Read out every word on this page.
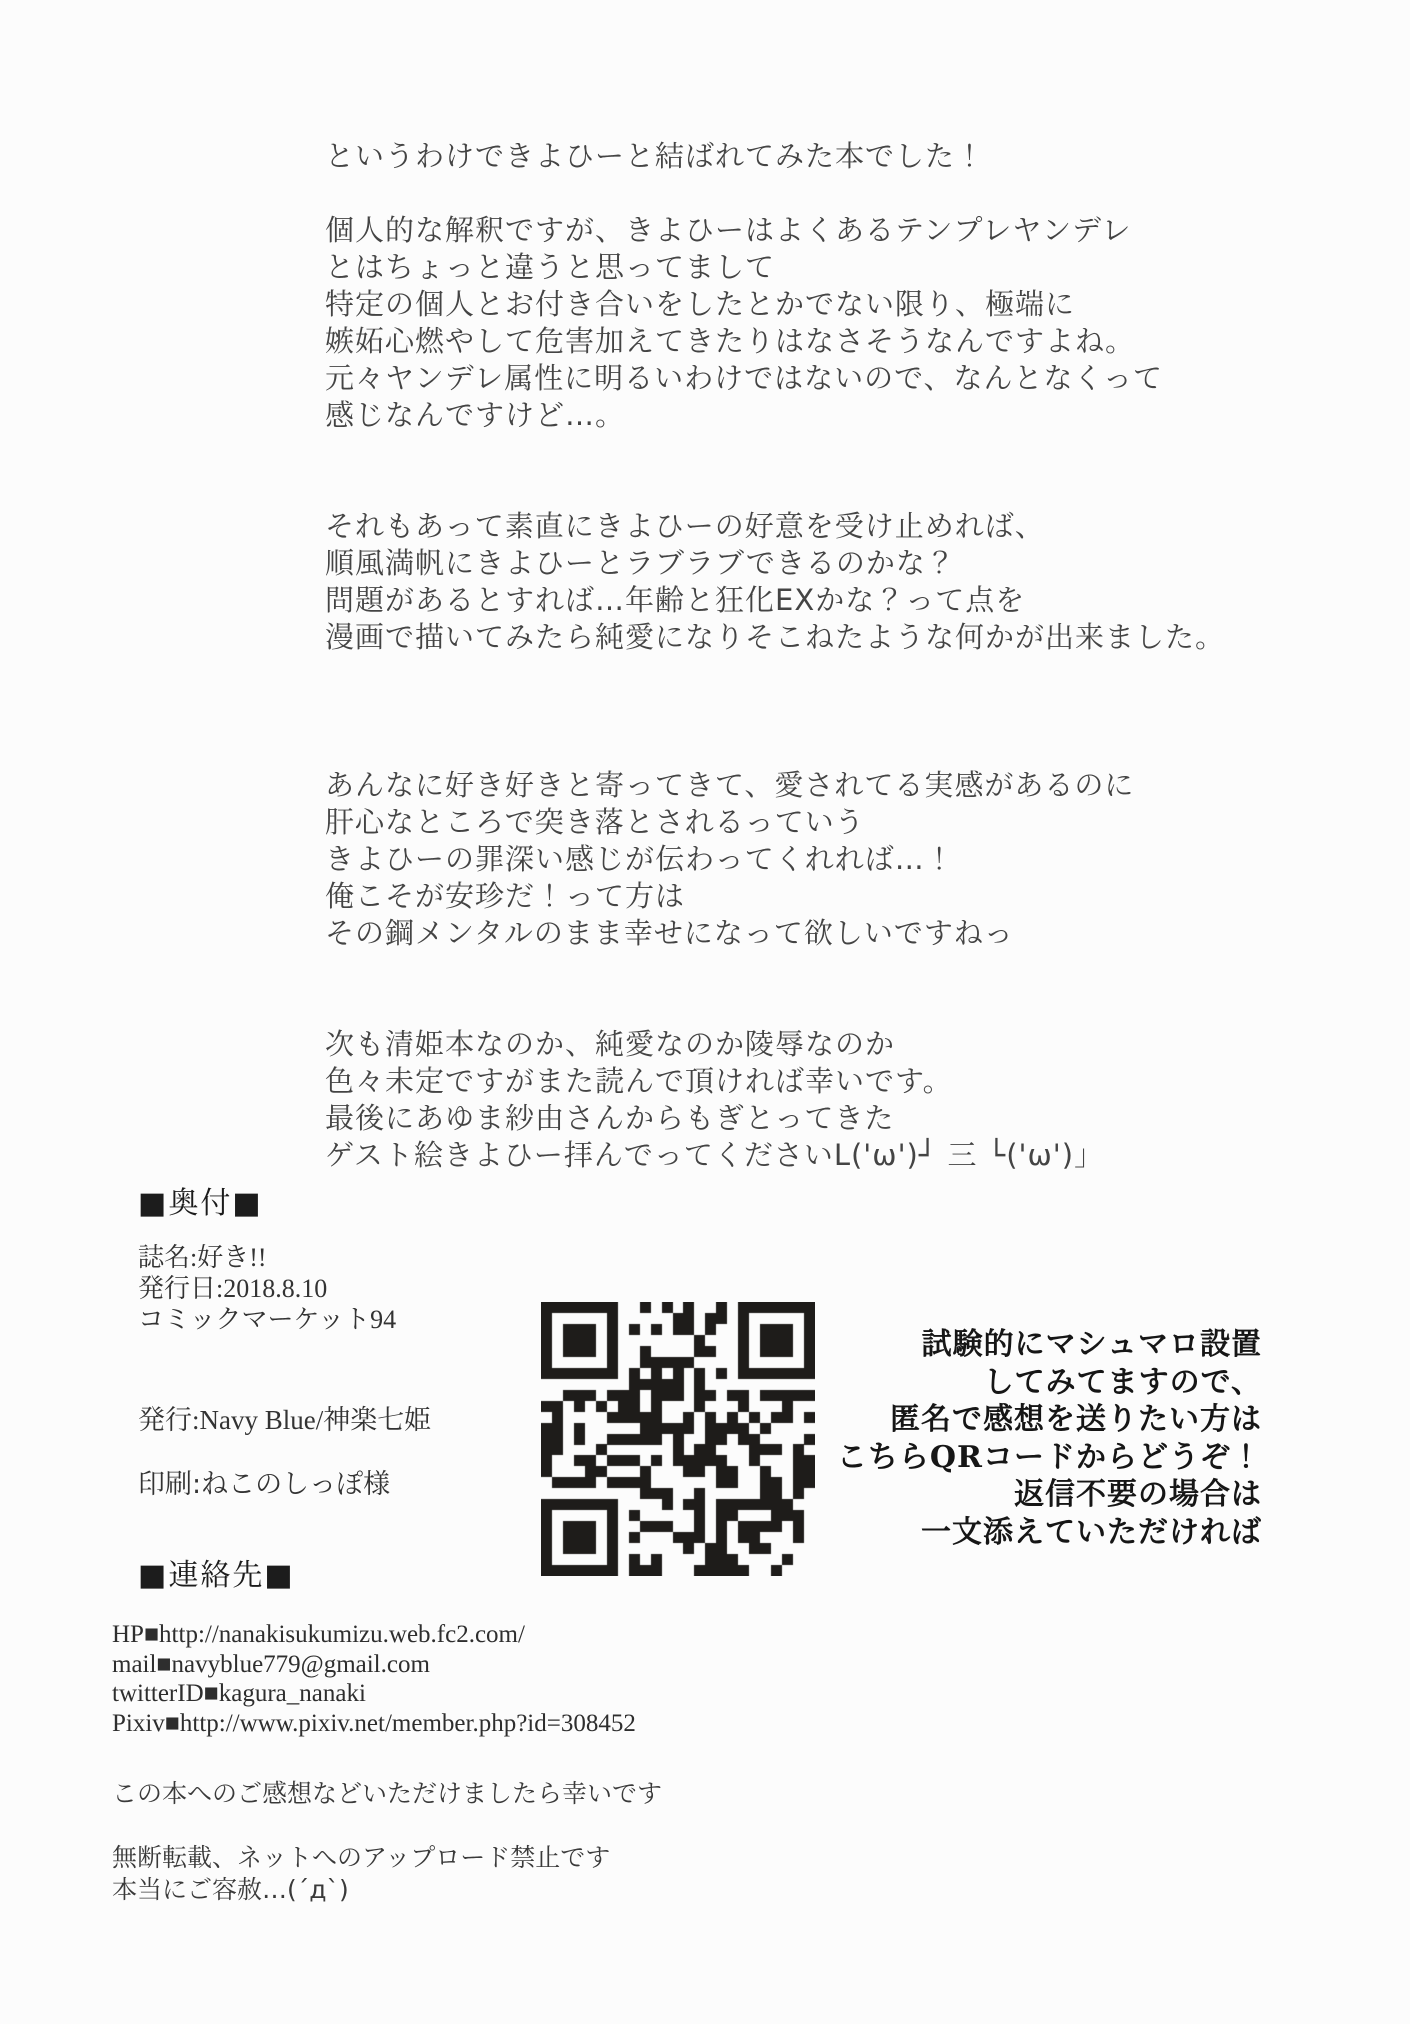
というわけできよひーと結ばれてみた本でした！
個人的な解釈ですが、きよひーはよくあるテンプレヤンデレ
とはちょっと違うと思ってまして
特定の個人とお付き合いをしたとかでない限り、極端に
嫉妬心燃やして危害加えてきたりはなさそうなんですよね。
元々ヤンデレ属性に明るいわけではないので、なんとなくって
感じなんですけど…。
それもあって素直にきよひーの好意を受け止めれば、
順風満帆にきよひーとラブラブできるのかな？
問題があるとすれば…年齢と狂化EXかな？って点を
漫画で描いてみたら純愛になりそこねたような何かが出来ました。
あんなに好き好きと寄ってきて、愛されてる実感があるのに
肝心なところで突き落とされるっていう
きよひーの罪深い感じが伝わってくれれば…！
俺こそが安珍だ！って方は
その鋼メンタルのまま幸せになって欲しいですねっ
次も清姫本なのか、純愛なのか陵辱なのか
色々未定ですがまた読んで頂ければ幸いです。
最後にあゆま紗由さんからもぎとってきた
ゲスト絵きよひー拝んでってくださいL('ω')┘ 三 └('ω')」
■奥付■
誌名:好き!!
発行日:2018.8.10
コミックマーケット94
発行:Navy Blue/神楽七姫
印刷:ねこのしっぽ様
■連絡先■
HP■http://nanakisukumizu.web.fc2.com/
mail■navyblue779@gmail.com
twitterID■kagura_nanaki
Pixiv■http://www.pixiv.net/member.php?id=308452
この本へのご感想などいただけましたら幸いです
無断転載、ネットへのアップロード禁止です
本当にご容赦…(´д`)
試験的にマシュマロ設置
してみてますので、
匿名で感想を送りたい方は
こちらQRコードからどうぞ！
返信不要の場合は
一文添えていただければ
